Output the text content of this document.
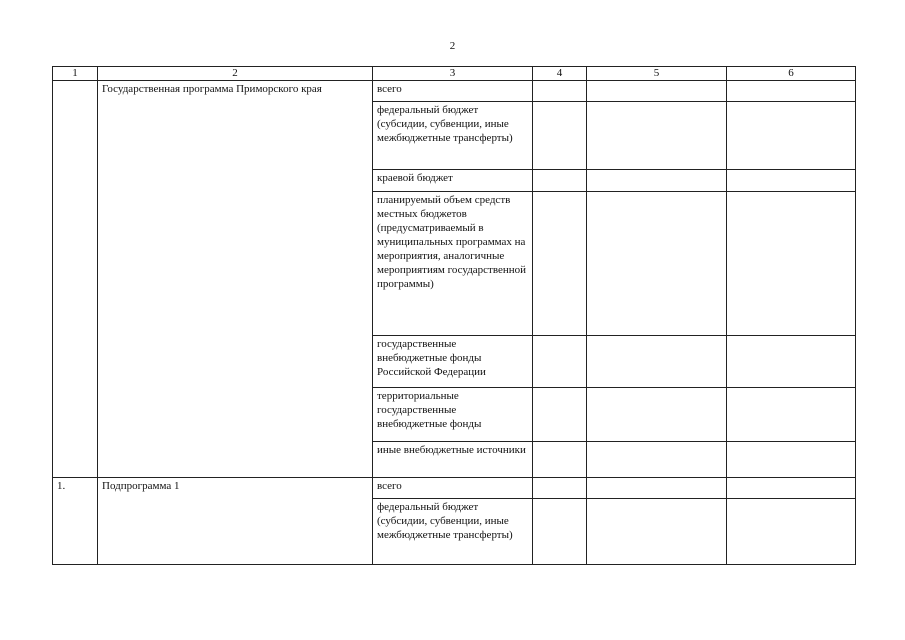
2
1	2	3	4	5	6
	Государственная программа Приморского края	всего			
		федеральный бюджет (субсидии, субвенции, иные межбюджетные трансферты)			
		краевой бюджет			
		планируемый объем средств местных бюджетов (предусматриваемый в муниципальных программах на мероприятия, аналогичные мероприятиям государственной программы)			
		государственные внебюджетные фонды Российской Федерации			
		территориальные государственные внебюджетные фонды			
		иные внебюджетные источники			
1.	Подпрограмма 1	всего			
		федеральный бюджет (субсидии, субвенции, иные межбюджетные трансферты)			
